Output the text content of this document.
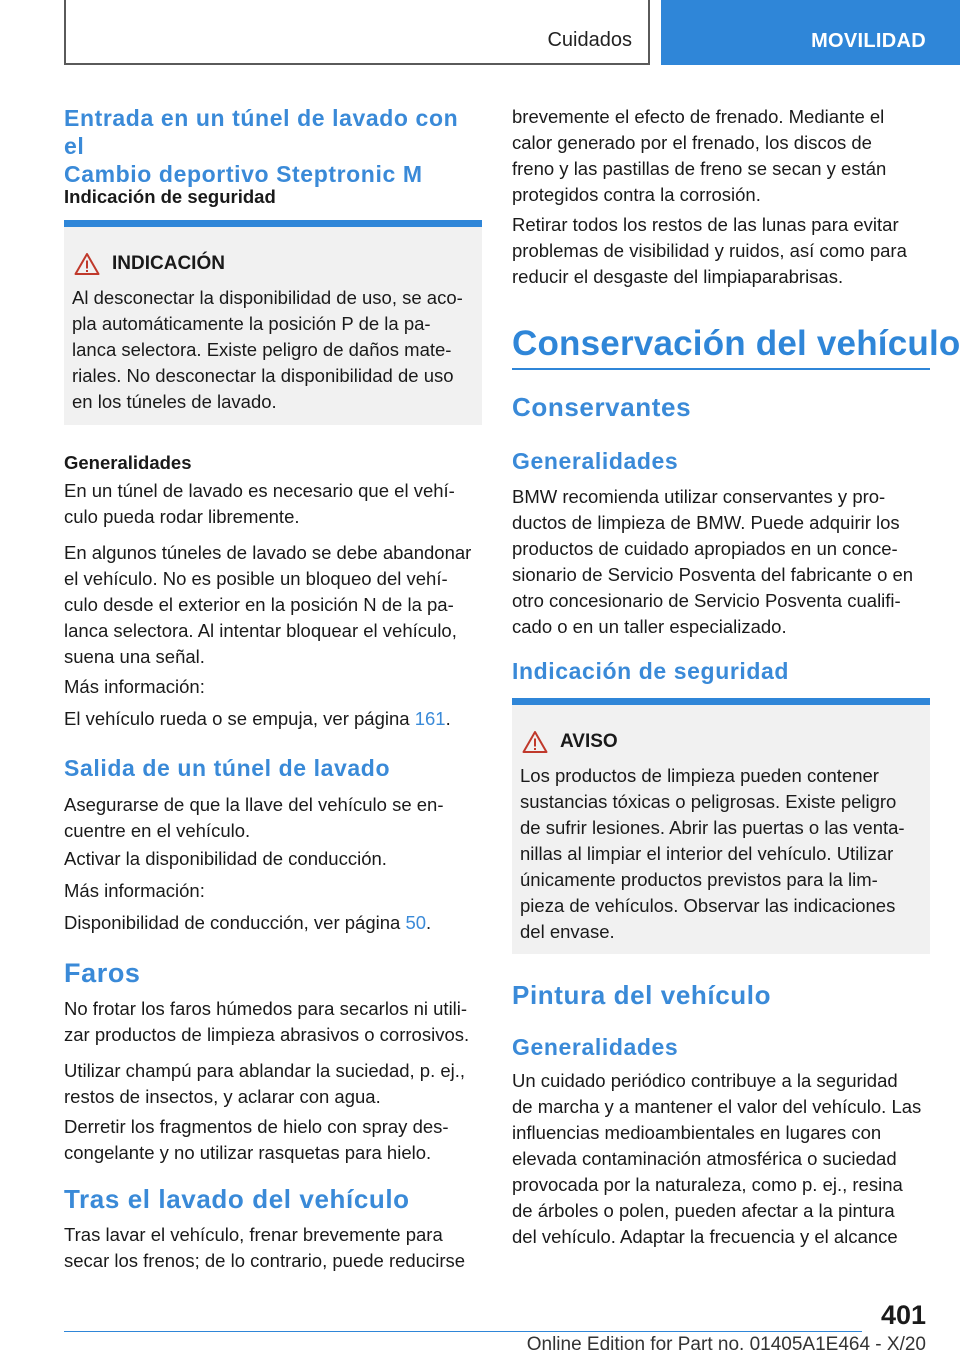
Cuidados	MOVILIDAD
Entrada en un túnel de lavado con el
Cambio deportivo Steptronic M
Indicación de seguridad
INDICACIÓN
Al desconectar la disponibilidad de uso, se aco-
pla automáticamente la posición P de la pa-
lanca selectora. Existe peligro de daños mate-
riales. No desconectar la disponibilidad de uso
en los túneles de lavado.
Generalidades
En un túnel de lavado es necesario que el vehí-
culo pueda rodar libremente.
En algunos túneles de lavado se debe abandonar
el vehículo. No es posible un bloqueo del vehí-
culo desde el exterior en la posición N de la pa-
lanca selectora. Al intentar bloquear el vehículo,
suena una señal.
Más información:
El vehículo rueda o se empuja, ver página 161.
Salida de un túnel de lavado
Asegurarse de que la llave del vehículo se en-
cuentre en el vehículo.
Activar la disponibilidad de conducción.
Más información:
Disponibilidad de conducción, ver página 50.
Faros
No frotar los faros húmedos para secarlos ni utili-
zar productos de limpieza abrasivos o corrosivos.
Utilizar champú para ablandar la suciedad, p. ej.,
restos de insectos, y aclarar con agua.
Derretir los fragmentos de hielo con spray des-
congelante y no utilizar rasquetas para hielo.
Tras el lavado del vehículo
Tras lavar el vehículo, frenar brevemente para
secar los frenos; de lo contrario, puede reducirse
brevemente el efecto de frenado. Mediante el
calor generado por el frenado, los discos de
freno y las pastillas de freno se secan y están
protegidos contra la corrosión.
Retirar todos los restos de las lunas para evitar
problemas de visibilidad y ruidos, así como para
reducir el desgaste del limpiaparabrisas.
Conservación del vehículo
Conservantes
Generalidades
BMW recomienda utilizar conservantes y pro-
ductos de limpieza de BMW. Puede adquirir los
productos de cuidado apropiados en un conce-
sionario de Servicio Posventa del fabricante o en
otro concesionario de Servicio Posventa cualifi-
cado o en un taller especializado.
Indicación de seguridad
AVISO
Los productos de limpieza pueden contener
sustancias tóxicas o peligrosas. Existe peligro
de sufrir lesiones. Abrir las puertas o las venta-
nillas al limpiar el interior del vehículo. Utilizar
únicamente productos previstos para la lim-
pieza de vehículos. Observar las indicaciones
del envase.
Pintura del vehículo
Generalidades
Un cuidado periódico contribuye a la seguridad
de marcha y a mantener el valor del vehículo. Las
influencias medioambientales en lugares con
elevada contaminación atmosférica o suciedad
provocada por la naturaleza, como p. ej., resina
de árboles o polen, pueden afectar a la pintura
del vehículo. Adaptar la frecuencia y el alcance
401
Online Edition for Part no. 01405A1E464 - X/20
